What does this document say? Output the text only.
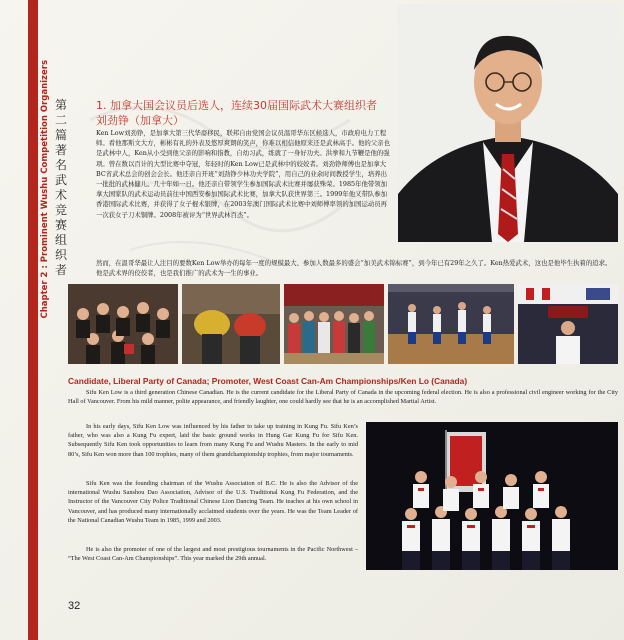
Chapter 2 : Prominent Wushu Competition Organizers 第二篇 著名武术竞赛组织者
1. 加拿大国会议员后选人，连续30届国际武术大赛组织者刘劲铮（加拿大）
Ken Low刘劲铮，是加拿大第三代华裔移民，联邦自由党国会议员温哥华东区候选人，市政府电力工程师。看他那斯文大方，彬彬有礼的外表及悠厚爽朗的笑声，你难以相信他原来还是武林高手。他的父亲也是武林中人，Ken从小受到他父亲的影响和指教，自幼习武，练就了一身好功夫。洪拳和九节鞭是他的强项。曾在数以百计的大型比赛中夺冠，年轻时的Ken Low已是武林中的姣姣者。刘劲铮师傅也是加拿大BC省武术总会的创会会长。他还亲自开班“刘劲铮少林功夫学院”，用自己的业余时间教授学生，培养出一批批的武林健儿。几十年如一日。他还亲自带领学生参加国际武术比赛并屡获殊荣。1985年他带领加拿大国家队的武术运动员前往中国西安参加国际武术比赛，加拿大队获世界第三。1999年他又带队参加香港国际武术比赛，并获得了女子棍术银牌，在2003年澳门国际武术比赛中刘师傅率领的加国运动员再一次获女子刀术铜牌。2008年被评为“世界武林百杰”。
然而，在温哥华最让人注目的要数Ken Low举办的每年一度的规模最大、参加人数最多的盛会“加美武术锦标赛”，到今年已有29年之久了。Ken热爱武术，这也是他毕生执着的追求。他是武术界的佼佼者，也是我们推广的武术为一生的事业。
Candidate, Liberal Party of Canada; Promoter, West Coast Can-Am Championships/Ken Lo (Canada)
Sifu Ken Low is a third generation Chinese Canadian. He is the current candidate for the Liberal Party of Canada in the upcoming federal election. He is also a professional civil engineer working for the City Hall of Vancouver. From his mild manner, polite appearance, and friendly laughter, one could hardly see that he is an accomplished Martial Artist.
In his early days, Sifu Ken Low was influenced by his father to take up training in Kung Fu. Sifu Ken’s father, who was also a Kung Fu expert, laid the basic ground works in Hung Gar Kung Fu for Sifu Ken. Subsequently Sifu Ken took opportunities to learn from many Kung Fu and Wushu Masters. In the early to mid 80’s, Sifu Ken won more than 100 trophies, many of them grandchampionship trophies, from major tournaments.
Sifu Ken was the founding chairman of the Wushu Association of B.C. He is also the Advisor of the international Wushu Sanshou Dao Association, Advisor of the U.S. Traditional Kung Fu Federation, and the Instructor of the Vancouver City Police Traditional Chinese Lion Dancing Team. He teaches at his own school in Vancouver, and has produced many internationally acclaimed students over the years. He was the Team Leader of the National Canadian Wushu Team in 1985, 1999 and 2003.
He is also the promoter of one of the largest and most prestigious tournaments in the Pacific Northwest – “The West Coast Can-Am Championships”. This year marked the 29th annual.
32
